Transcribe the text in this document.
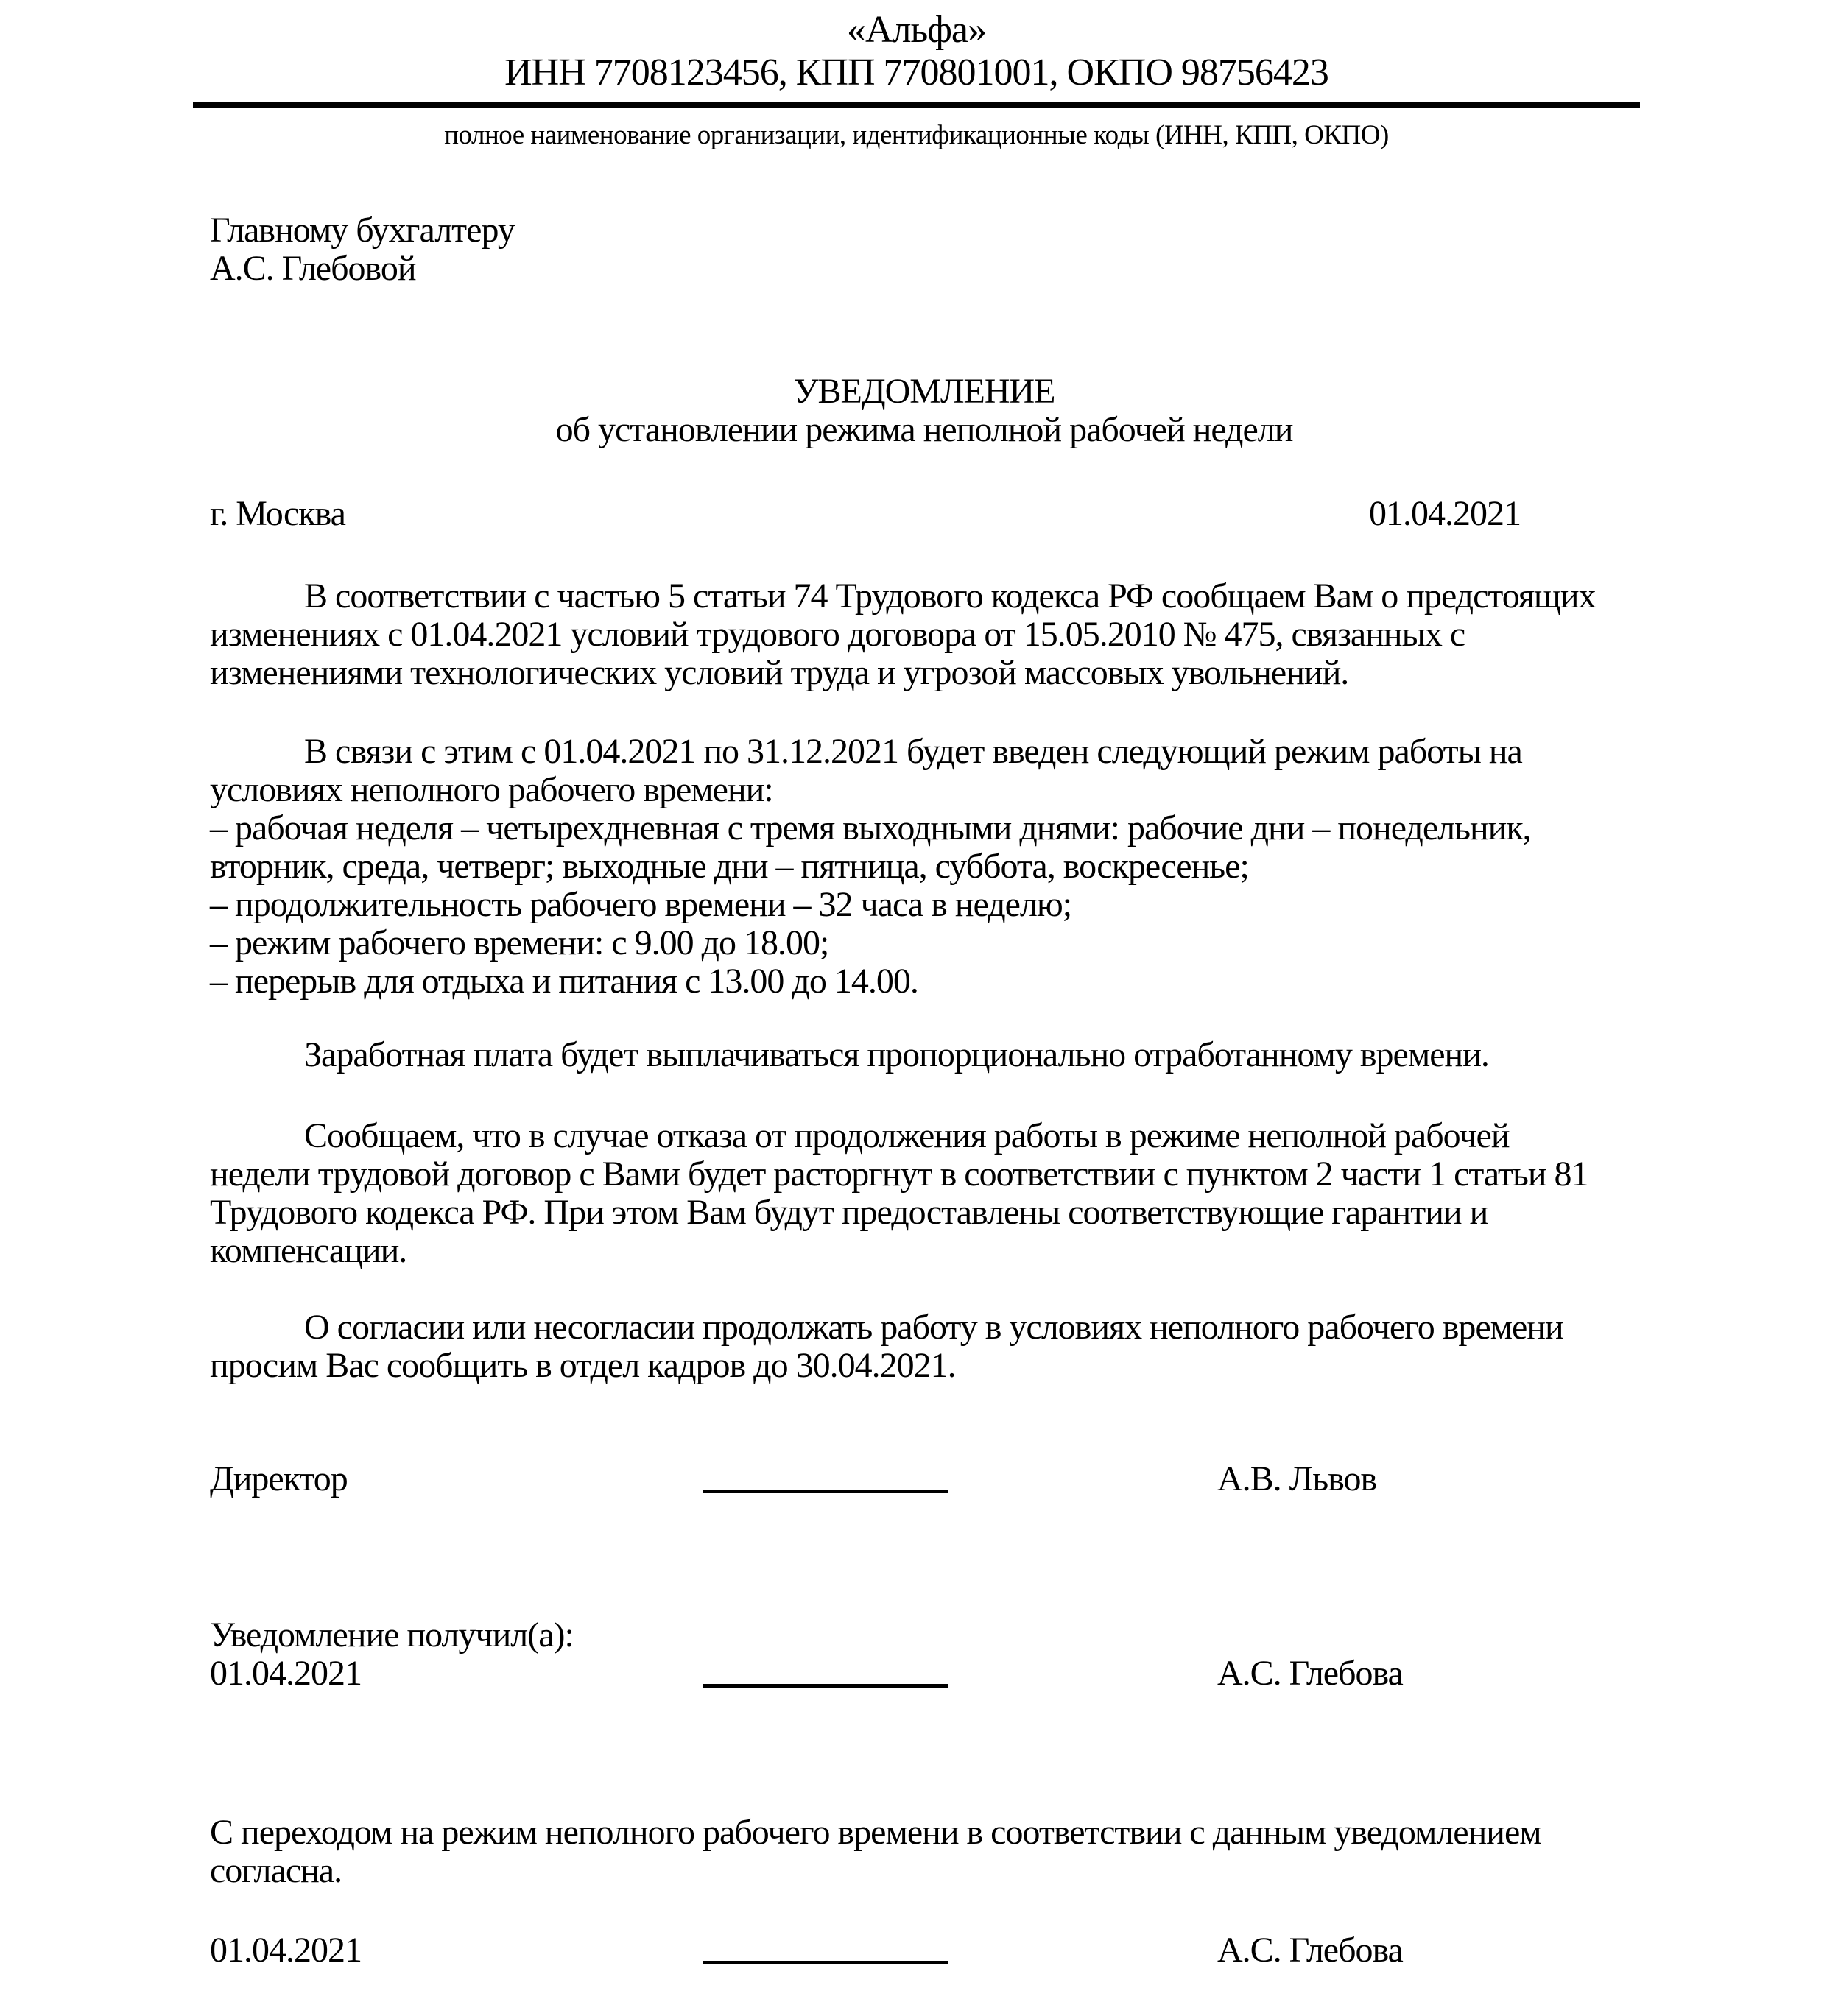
«Альфа»
ИНН 7708123456, КПП 770801001, ОКПО 98756423
полное наименование организации, идентификационные коды (ИНН, КПП, ОКПО)
Главному бухгалтеру
А.С. Глебовой
УВЕДОМЛЕНИЕ
об установлении режима неполной рабочей недели
г. Москва	01.04.2021
В соответствии с частью 5 статьи 74 Трудового кодекса РФ сообщаем Вам о предстоящих
изменениях с 01.04.2021 условий трудового договора от 15.05.2010 № 475, связанных с
изменениями технологических условий труда и угрозой массовых увольнений.
В связи с этим с 01.04.2021 по 31.12.2021 будет введен следующий режим работы на
условиях неполного рабочего времени:
– рабочая неделя – четырехдневная с тремя выходными днями: рабочие дни – понедельник,
вторник, среда, четверг; выходные дни – пятница, суббота, воскресенье;
– продолжительность рабочего времени – 32 часа в неделю;
– режим рабочего времени: с 9.00 до 18.00;
– перерыв для отдыха и питания с 13.00 до 14.00.
Заработная плата будет выплачиваться пропорционально отработанному времени.
Сообщаем, что в случае отказа от продолжения работы в режиме неполной рабочей
недели трудовой договор с Вами будет расторгнут в соответствии с пунктом 2 части 1 статьи 81
Трудового кодекса РФ. При этом Вам будут предоставлены соответствующие гарантии и
компенсации.
О согласии или несогласии продолжать работу в условиях неполного рабочего времени
просим Вас сообщить в отдел кадров до 30.04.2021.
Директор	А.В. Львов
Уведомление получил(а):
01.04.2021	А.С. Глебова
С переходом на режим неполного рабочего времени в соответствии с данным уведомлением
согласна.
01.04.2021	А.С. Глебова
